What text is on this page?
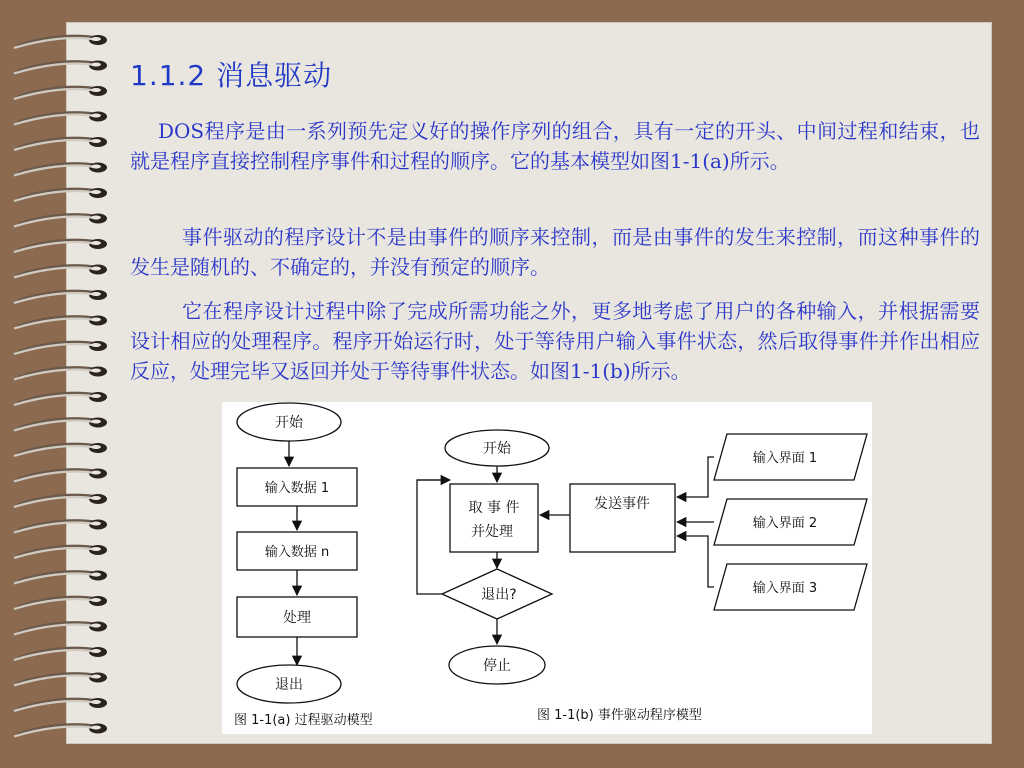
1.1.2 消息驱动

DOS程序是由一系列预先定义好的操作序列的组合，具有一定的开头、中间过程和结束，也就是程序直接控制程序事件和过程的顺序。它的基本模型如图1-1(a)所示。

事件驱动的程序设计不是由事件的顺序来控制，而是由事件的发生来控制，而这种事件的发生是随机的、不确定的，并没有预定的顺序。

它在程序设计过程中除了完成所需功能之外，更多地考虑了用户的各种输入，并根据需要设计相应的处理程序。程序开始运行时，处于等待用户输入事件状态，然后取得事件并作出相应反应，处理完毕又返回并处于等待事件状态。如图1-1(b)所示。

开始
输入数据 1
输入数据 n
处理
退出
图 1-1(a) 过程驱动模型
开始
取 事 件
并处理
发送事件
退出?
停止
输入界面 1
输入界面 2
输入界面 3
图 1-1(b) 事件驱动程序模型
